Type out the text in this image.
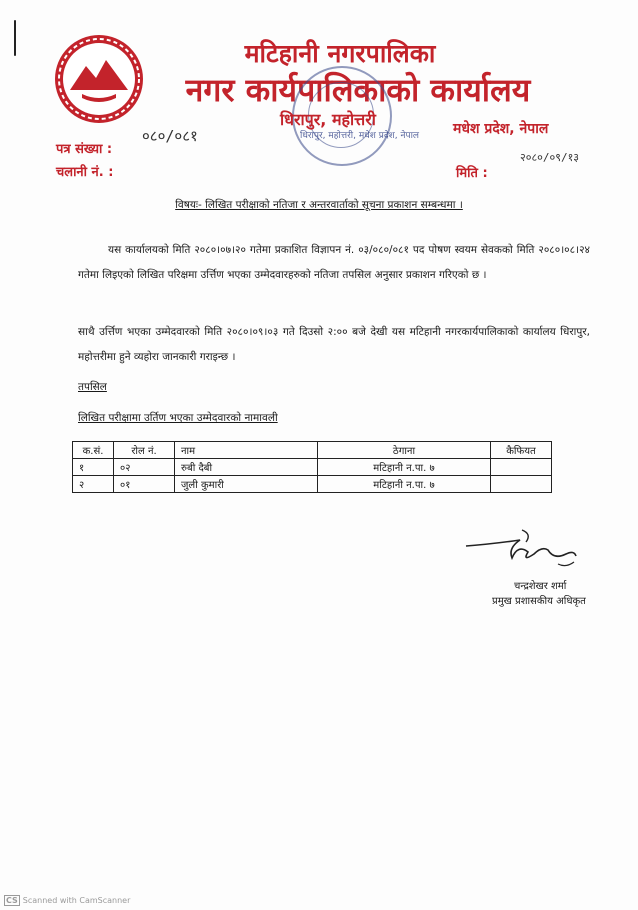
मटिहानी नगरपालिका
नगर कार्यपालिकाको कार्यालय
धिरापुर, महोत्तरी, मधेश प्रदेश, नेपाल
धिरापुर, महोत्तरी	मधेश प्रदेश, नेपाल
पत्र संख्या :
०८०/०८१
चलानी नं. :	मिति :
२०८०/०९/१३
विषयः- लिखित परीक्षाको नतिजा र अन्तरवार्ताको सूचना प्रकाशन सम्बन्धमा ।
यस कार्यालयको मिति २०८०।०७।२० गतेमा प्रकाशित विज्ञापन नं. ०३/०८०/०८१ पद पोषण स्वयम सेवकको मिति २०८०।०८।२४ गतेमा लिइएको लिखित परिक्षमा उर्त्तिण भएका उम्मेदवारहरुको नतिजा तपसिल अनुसार प्रकाशन गरिएको छ ।
साथै उर्त्तिण भएका उम्मेदवारको मिति २०८०।०९।०३ गते दिउसो २:०० बजे देखी यस मटिहानी नगरकार्यपालिकाको कार्यालय धिरापुर, महोत्तरीमा हुने व्यहोरा जानकारी गराइन्छ ।
तपसिल
लिखित परीक्षामा उर्तिण भएका उम्मेदवारको नामावली
क.सं.	रोल नं.	नाम	ठेगाना	कैफियत
१	०२	रुबी दैबी	मटिहानी न.पा. ७	
२	०१	जुली कुमारी	मटिहानी न.पा. ७	
चन्द्रशेखर शर्मा
प्रमुख प्रशासकीय अधिकृत
CS Scanned with CamScanner
